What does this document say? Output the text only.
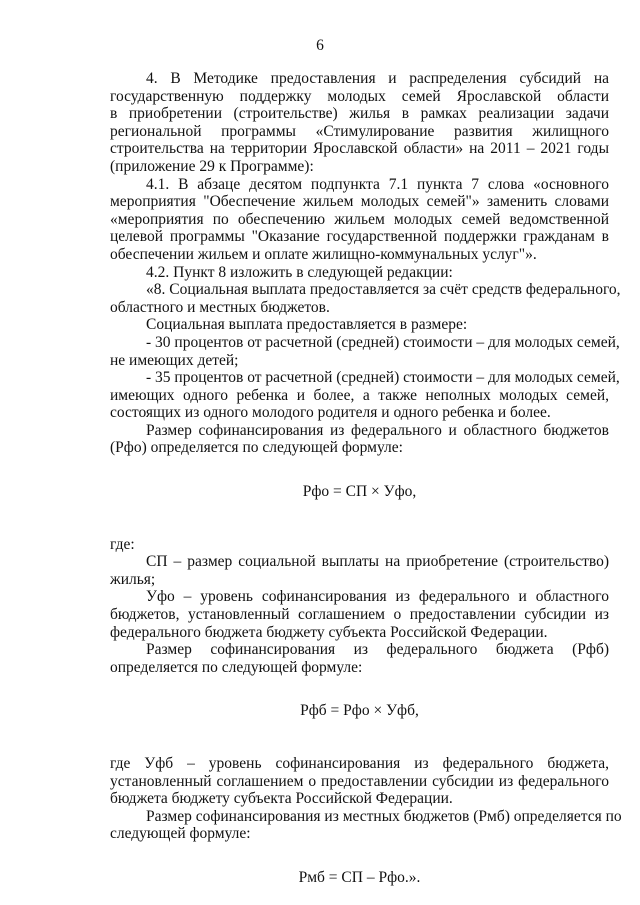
6
4. В Методике предоставления и распределения субсидий на
государственную поддержку молодых семей Ярославской области
в приобретении (строительстве) жилья в рамках реализации задачи
региональной программы «Стимулирование развития жилищного
строительства на территории Ярославской области» на 2011 – 2021 годы
(приложение 29 к Программе):
4.1. В абзаце десятом подпункта 7.1 пункта 7 слова «основного
мероприятия "Обеспечение жильем молодых семей"» заменить словами
«мероприятия по обеспечению жильем молодых семей ведомственной
целевой программы "Оказание государственной поддержки гражданам в
обеспечении жильем и оплате жилищно-коммунальных услуг"».
4.2. Пункт 8 изложить в следующей редакции:
«8. Социальная выплата предоставляется за счёт средств федерального,
областного и местных бюджетов.
Социальная выплата предоставляется в размере:
- 30 процентов от расчетной (средней) стоимости – для молодых семей,
не имеющих детей;
- 35 процентов от расчетной (средней) стоимости – для молодых семей,
имеющих одного ребенка и более, а также неполных молодых семей,
состоящих из одного молодого родителя и одного ребенка и более.
Размер софинансирования из федерального и областного бюджетов
(Рфо) определяется по следующей формуле:
Рфо = СП × Уфо,
где:
СП – размер социальной выплаты на приобретение (строительство)
жилья;
Уфо – уровень софинансирования из федерального и областного
бюджетов, установленный соглашением о предоставлении субсидии из
федерального бюджета бюджету субъекта Российской Федерации.
Размер софинансирования из федерального бюджета (Рфб)
определяется по следующей формуле:
Рфб = Рфо × Уфб,
где Уфб – уровень софинансирования из федерального бюджета,
установленный соглашением о предоставлении субсидии из федерального
бюджета бюджету субъекта Российской Федерации.
Размер софинансирования из местных бюджетов (Рмб) определяется по
следующей формуле:
Рмб = СП – Рфо.».
